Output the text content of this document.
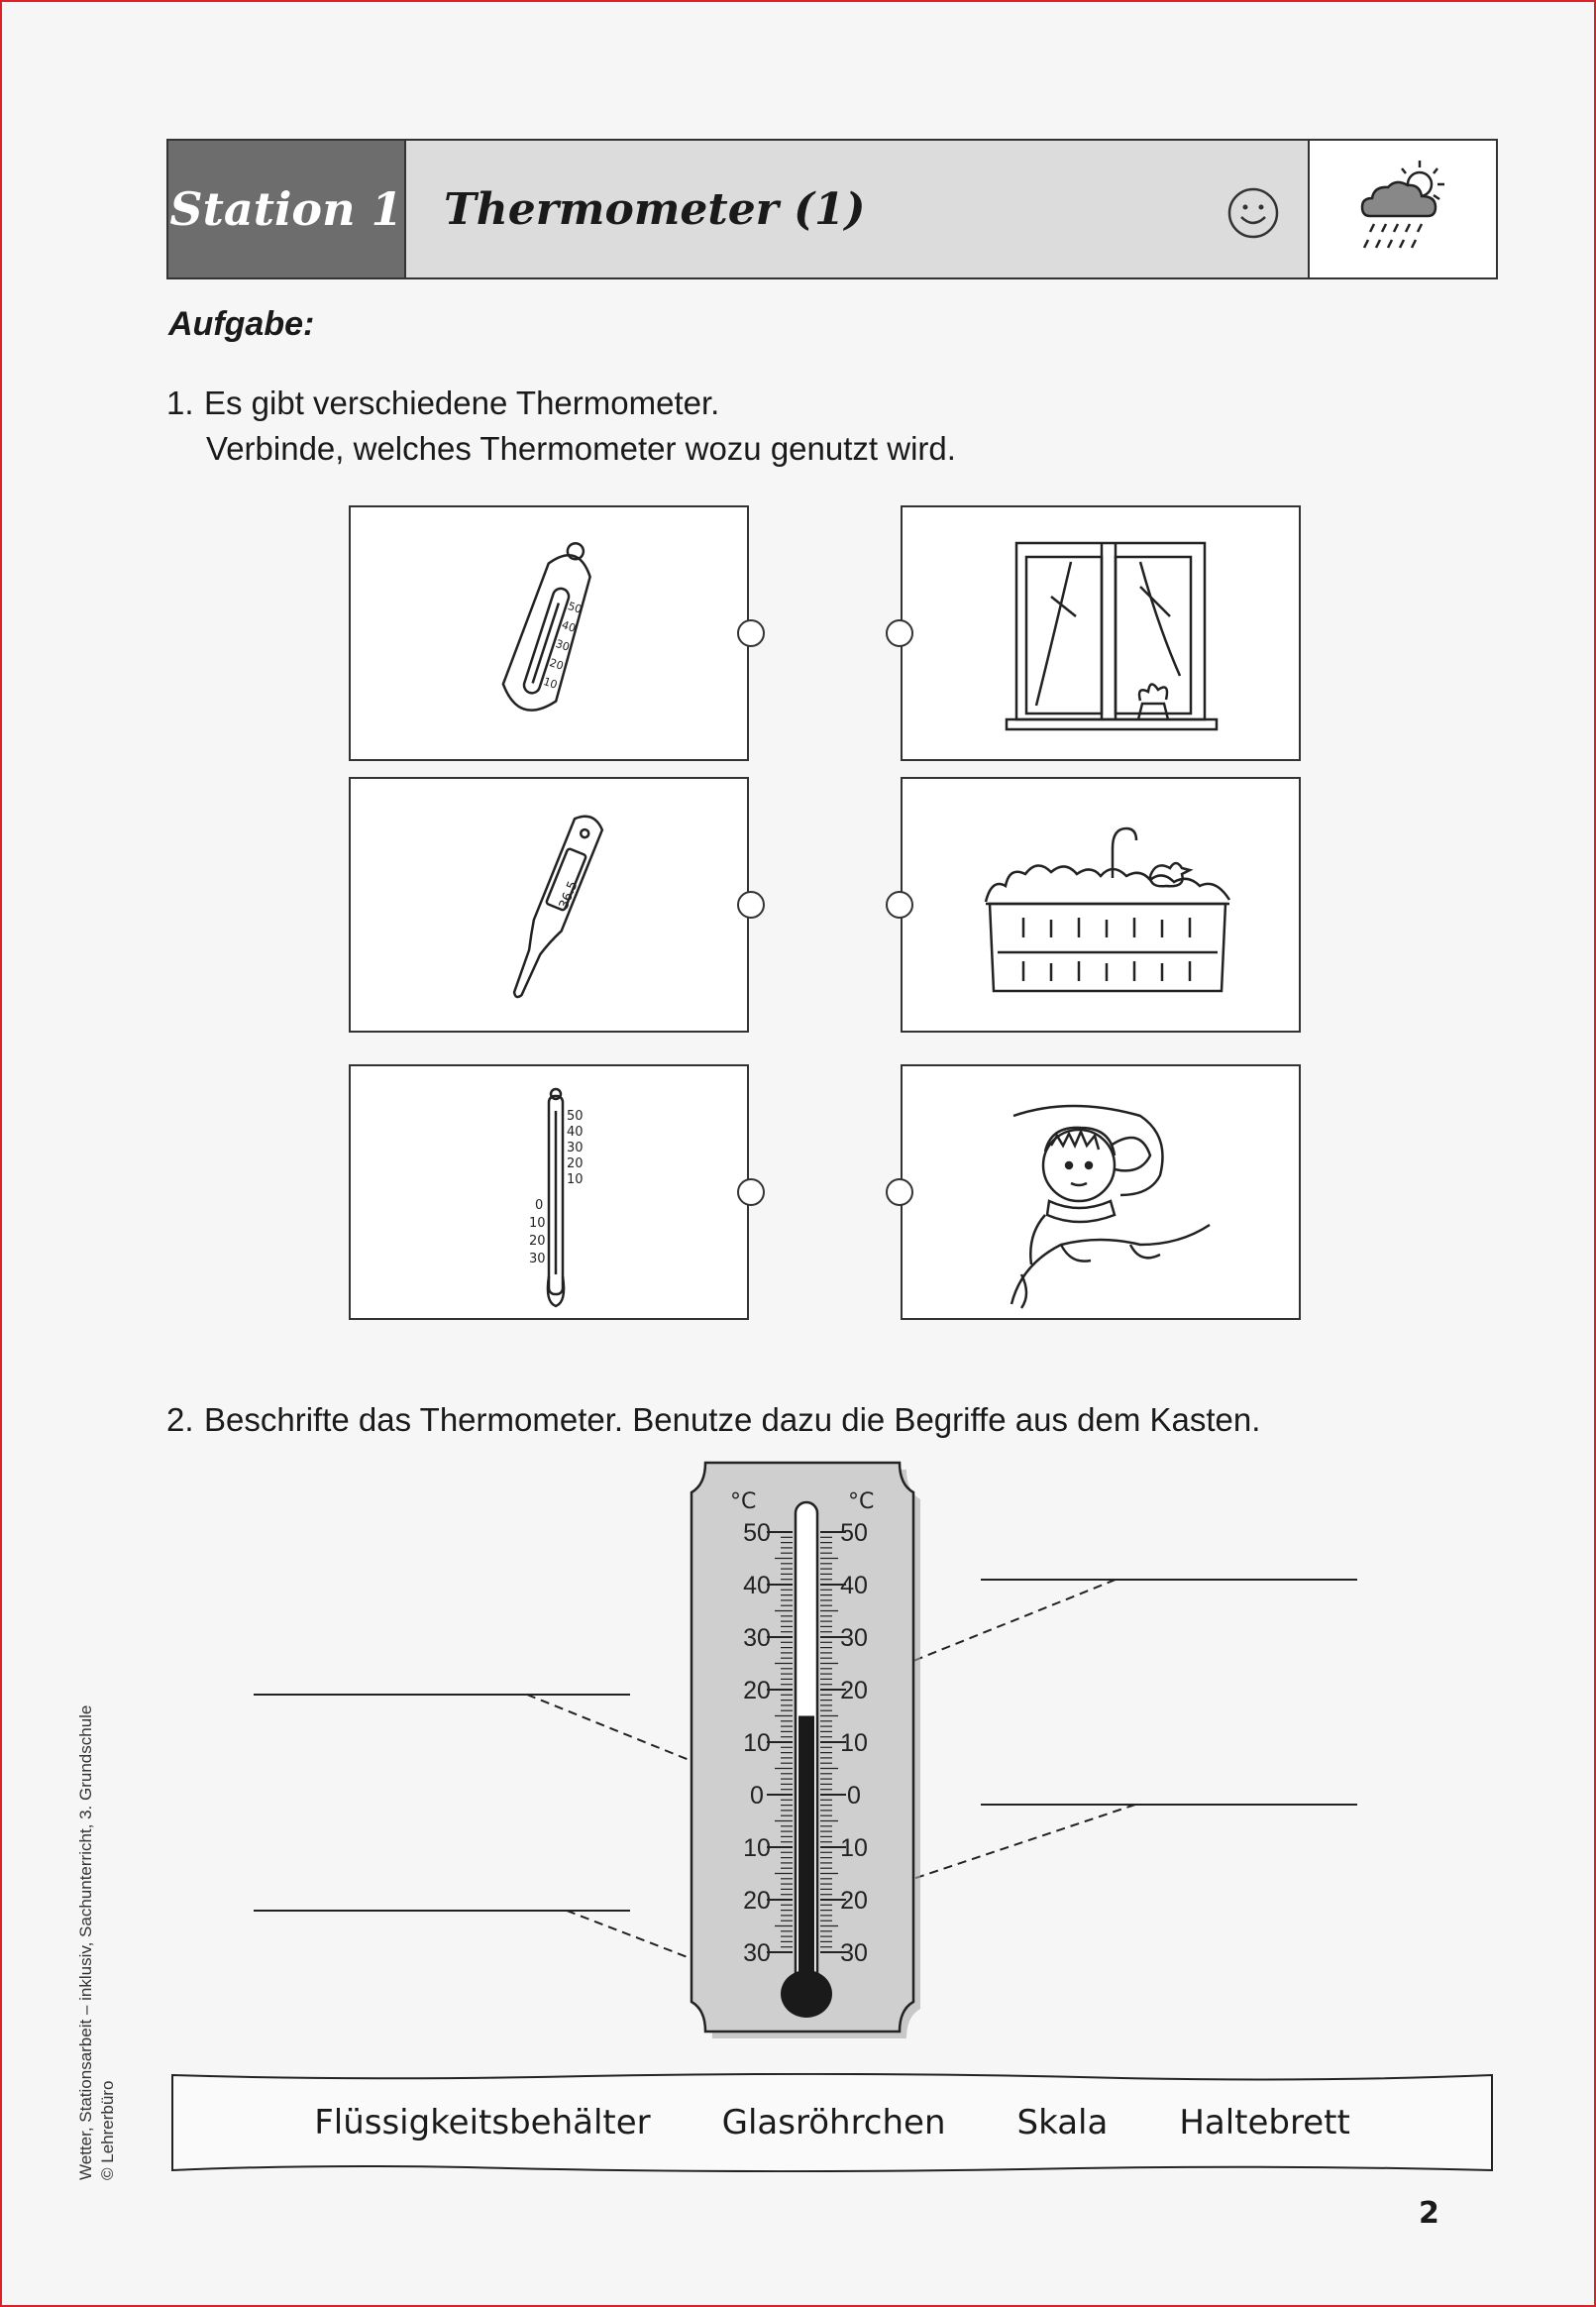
Station 1 Thermometer (1)
Aufgabe:
1. Es gibt verschiedene Thermometer.
Verbinde, welches Thermometer wozu genutzt wird.
50
40
30
20
10
36.5
50
40
30
20
10
0
10
20
30
2. Beschrifte das Thermometer. Benutze dazu die Begriffe aus dem Kasten.
°C	°C
50
40
30
20
10
0
10
20
30
50
40
30
20
10
0
10
20
30
Flüssigkeitsbehälter Glasröhrchen Skala Haltebrett
Wetter, Stationsarbeit – inklusiv, Sachunterricht, 3. Grundschule © Lehrerbüro
2
